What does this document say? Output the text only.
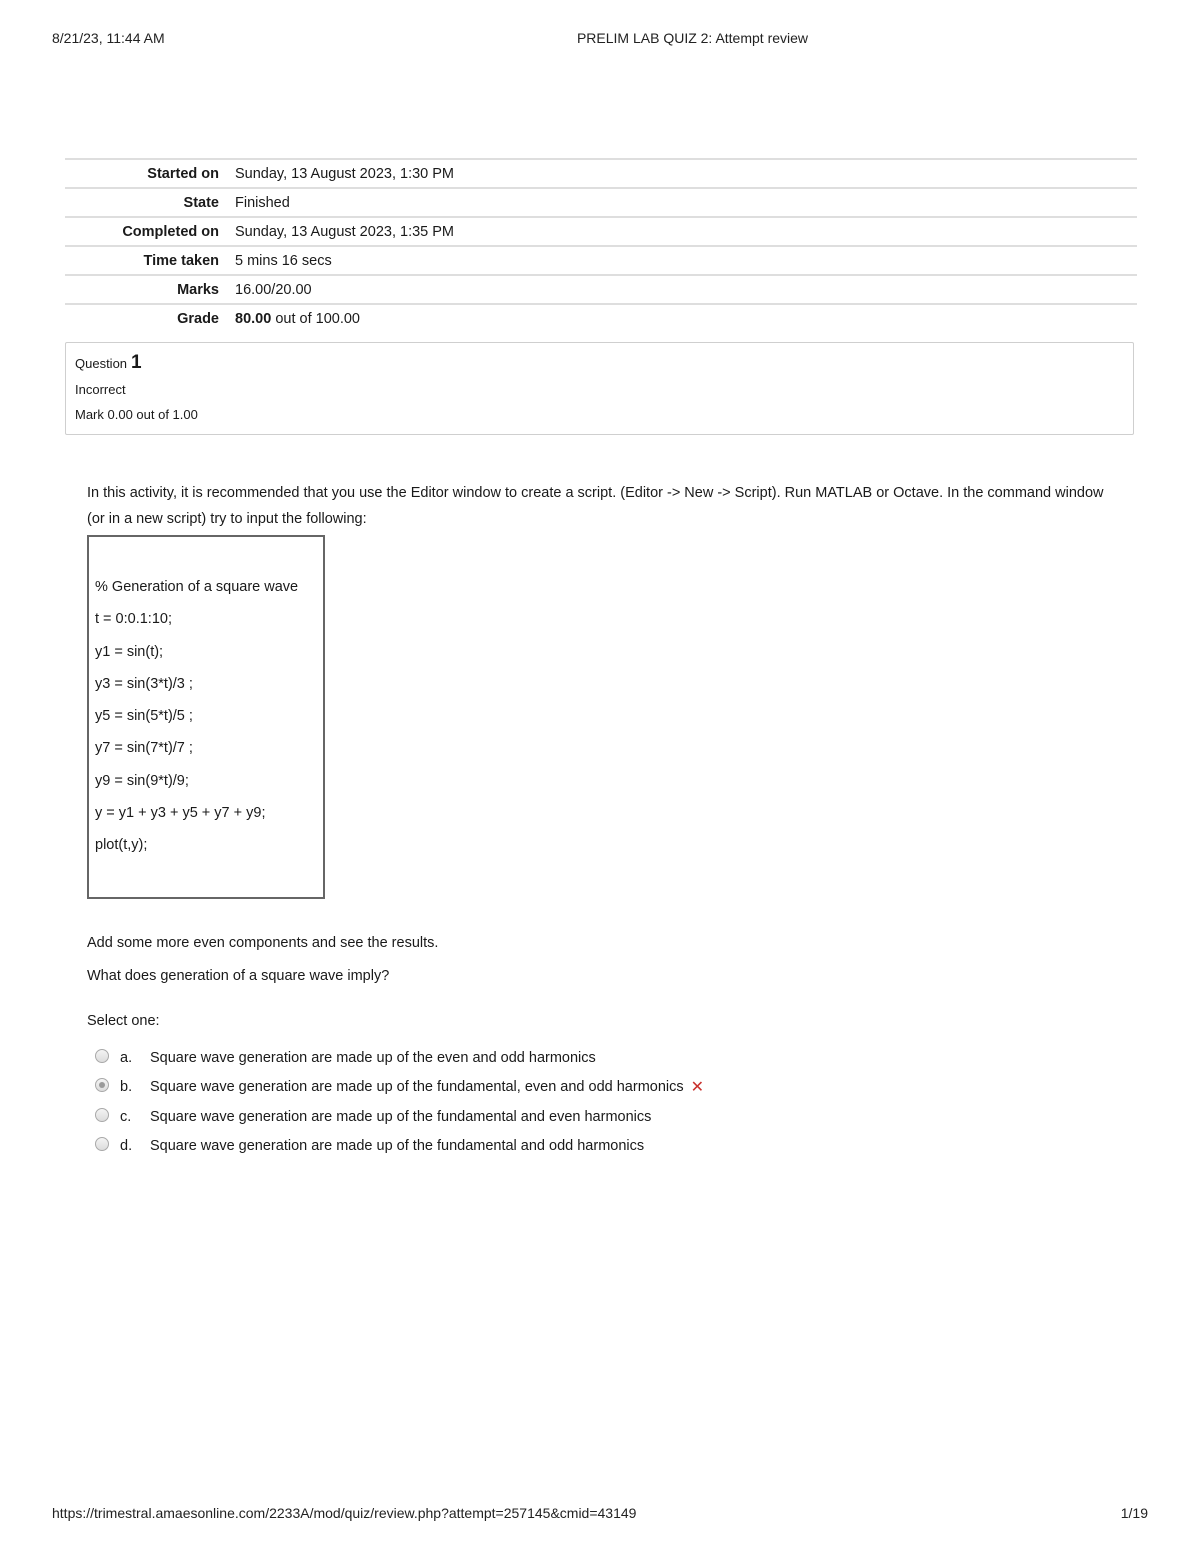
8/21/23, 11:44 AM	PRELIM LAB QUIZ 2: Attempt review
Started on	Sunday, 13 August 2023, 1:30 PM
State	Finished
Completed on	Sunday, 13 August 2023, 1:35 PM
Time taken	5 mins 16 secs
Marks	16.00/20.00
Grade	80.00 out of 100.00
Question 1
Incorrect
Mark 0.00 out of 1.00
In this activity, it is recommended that you use the Editor window to create a script. (Editor -> New -> Script). Run MATLAB or Octave. In the command window (or in a new script) try to input the following:
% Generation of a square wave
t = 0:0.1:10;
y1 = sin(t);
y3 = sin(3*t)/3 ;
y5 = sin(5*t)/5 ;
y7 = sin(7*t)/7 ;
y9 = sin(9*t)/9;
y = y1 + y3 + y5 + y7 + y9;
plot(t,y);
Add some more even components and see the results.
What does generation of a square wave imply?
Select one:
a.	Square wave generation are made up of the even and odd harmonics
b.	Square wave generation are made up of the fundamental, even and odd harmonics ✕
c.	Square wave generation are made up of the fundamental and even harmonics
d.	Square wave generation are made up of the fundamental and odd harmonics
https://trimestral.amaesonline.com/2233A/mod/quiz/review.php?attempt=257145&cmid=43149	1/19
